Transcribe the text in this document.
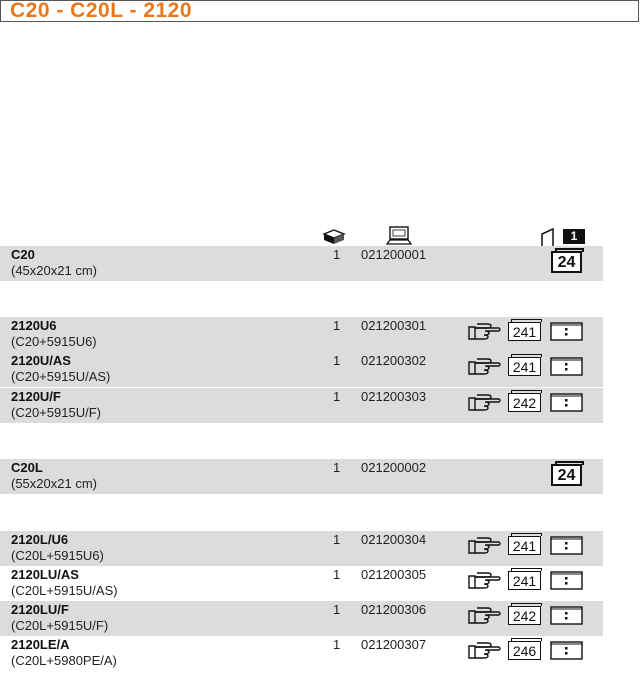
C20 - C20L - 2120
1
C20
(45x20x21 cm)
1 021200001	24
2120U6
(C20+5915U6)
1 021200301	241
2120U/AS
(C20+5915U/AS)
1 021200302	241
2120U/F
(C20+5915U/F)
1 021200303	242
C20L
(55x20x21 cm)
1 021200002	24
2120L/U6
(C20L+5915U6)
1 021200304	241
2120LU/AS
(C20L+5915U/AS)
1 021200305	241
2120LU/F
(C20L+5915U/F)
1 021200306	242
2120LE/A
(C20L+5980PE/A)
1 021200307	246
